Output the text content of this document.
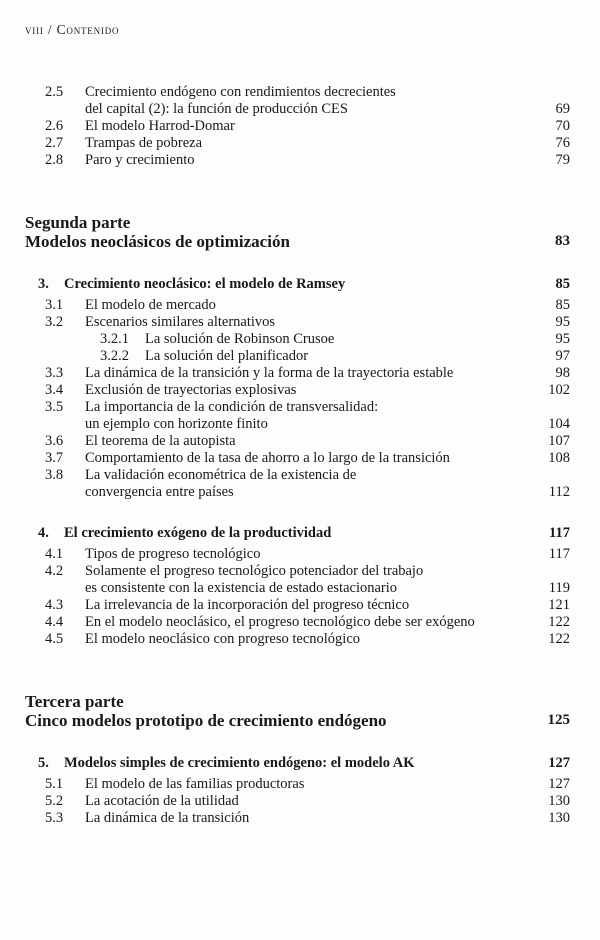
viii / Contenido
2.5	Crecimiento endógeno con rendimientos decrecientes
del capital (2): la función de producción CES	69
2.6	El modelo Harrod-Domar	70
2.7	Trampas de pobreza	76
2.8	Paro y crecimiento	79
Segunda parte
Modelos neoclásicos de optimización	83
3.	Crecimiento neoclásico: el modelo de Ramsey	85
3.1	El modelo de mercado	85
3.2	Escenarios similares alternativos	95
3.2.1	La solución de Robinson Crusoe	95
3.2.2	La solución del planificador	97
3.3	La dinámica de la transición y la forma de la trayectoria estable	98
3.4	Exclusión de trayectorias explosivas	102
3.5	La importancia de la condición de transversalidad:
un ejemplo con horizonte finito	104
3.6	El teorema de la autopista	107
3.7	Comportamiento de la tasa de ahorro a lo largo de la transición	108
3.8	La validación econométrica de la existencia de
convergencia entre países	112
4.	El crecimiento exógeno de la productividad	117
4.1	Tipos de progreso tecnológico	117
4.2	Solamente el progreso tecnológico potenciador del trabajo
es consistente con la existencia de estado estacionario	119
4.3	La irrelevancia de la incorporación del progreso técnico	121
4.4	En el modelo neoclásico, el progreso tecnológico debe ser exógeno	122
4.5	El modelo neoclásico con progreso tecnológico	122
Tercera parte
Cinco modelos prototipo de crecimiento endógeno	125
5.	Modelos simples de crecimiento endógeno: el modelo AK	127
5.1	El modelo de las familias productoras	127
5.2	La acotación de la utilidad	130
5.3	La dinámica de la transición	130
